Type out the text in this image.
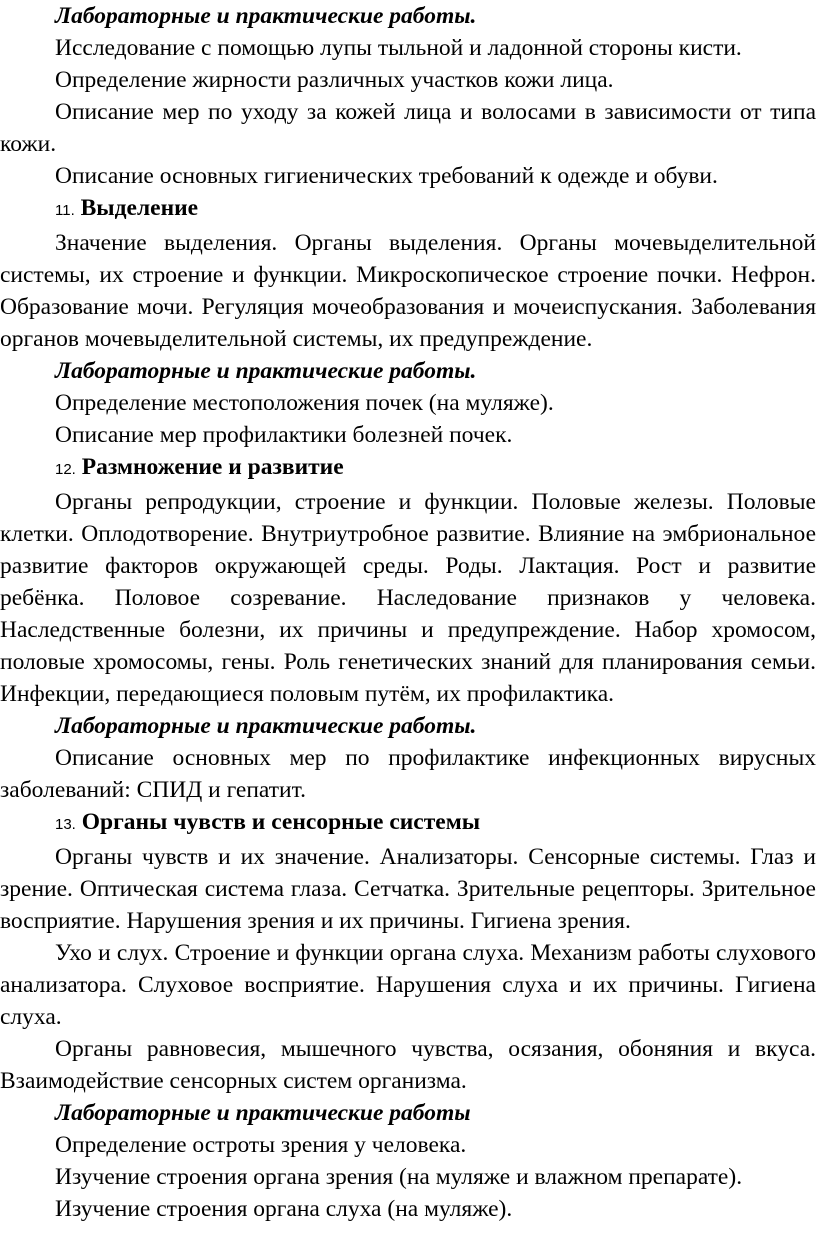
Лабораторные и практические работы.

Исследование с помощью лупы тыльной и ладонной стороны кисти.

Определение жирности различных участков кожи лица.

Описание мер по уходу за кожей лица и волосами в зависимости от типа кожи.

Описание основных гигиенических требований к одежде и обуви.

11. Выделение

Значение выделения. Органы выделения. Органы мочевыделительной системы, их строение и функции. Микроскопическое строение почки. Нефрон. Образование мочи. Регуляция мочеобразования и мочеиспускания. Заболевания органов мочевыделительной системы, их предупреждение.

Лабораторные и практические работы.

Определение местоположения почек (на муляже).

Описание мер профилактики болезней почек.

12. Размножение и развитие

Органы репродукции, строение и функции. Половые железы. Половые клетки. Оплодотворение. Внутриутробное развитие. Влияние на эмбриональное развитие факторов окружающей среды. Роды. Лактация. Рост и развитие ребёнка. Половое созревание. Наследование признаков у человека. Наследственные болезни, их причины и предупреждение. Набор хромосом, половые хромосомы, гены. Роль генетических знаний для планирования семьи. Инфекции, передающиеся половым путём, их профилактика.

Лабораторные и практические работы.

Описание основных мер по профилактике инфекционных вирусных заболеваний: СПИД и гепатит.

13. Органы чувств и сенсорные системы

Органы чувств и их значение. Анализаторы. Сенсорные системы. Глаз и зрение. Оптическая система глаза. Сетчатка. Зрительные рецепторы. Зрительное восприятие. Нарушения зрения и их причины. Гигиена зрения.

Ухо и слух. Строение и функции органа слуха. Механизм работы слухового анализатора. Слуховое восприятие. Нарушения слуха и их причины. Гигиена слуха.

Органы равновесия, мышечного чувства, осязания, обоняния и вкуса. Взаимодействие сенсорных систем организма.

Лабораторные и практические работы

Определение остроты зрения у человека.

Изучение строения органа зрения (на муляже и влажном препарате).

Изучение строения органа слуха (на муляже).
